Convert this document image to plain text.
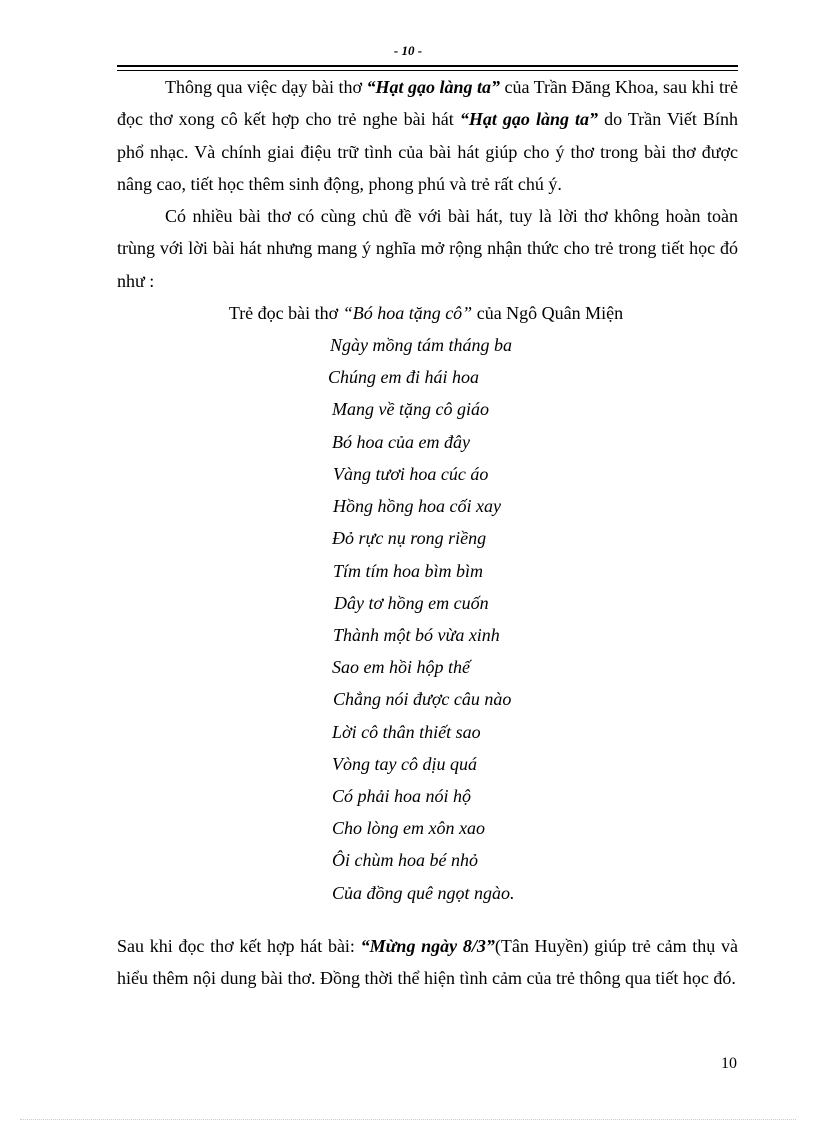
- 10 -
Thông qua việc dạy bài thơ “Hạt gạo làng ta” của Trần Đăng Khoa, sau khi trẻ đọc thơ xong cô kết hợp cho trẻ nghe bài hát “Hạt gạo làng ta” do Trần Viết Bính phổ nhạc. Và chính giai điệu trữ tình của bài hát giúp cho ý thơ trong bài thơ được nâng cao, tiết học thêm sinh động, phong phú và trẻ rất chú ý.
Có nhiều bài thơ có cùng chủ đề với bài hát, tuy là lời thơ không hoàn toàn trùng với lời bài hát nhưng mang ý nghĩa mở rộng nhận thức cho trẻ trong tiết học đó như :
Trẻ đọc bài thơ “Bó hoa tặng cô” của Ngô Quân Miện
Ngày mồng tám tháng ba
Chúng em đi hái hoa
Mang về tặng cô giáo
Bó hoa của em đây
Vàng tươi hoa cúc áo
Hồng hồng hoa cối xay
Đỏ rực nụ rong riềng
Tím tím hoa bìm bìm
Dây tơ hồng em cuốn
Thành một bó vừa xinh
Sao em hồi hộp thế
Chẳng nói được câu nào
Lời cô thân thiết sao
Vòng tay cô dịu quá
Có phải hoa nói hộ
Cho lòng em xôn xao
Ôi chùm hoa bé nhỏ
Của đồng quê ngọt ngào.
Sau khi đọc thơ kết hợp hát bài: “Mừng ngày 8/3”(Tân Huyền) giúp trẻ cảm thụ và hiểu thêm nội dung bài thơ. Đồng thời thể hiện tình cảm của trẻ thông qua tiết học đó.
10
